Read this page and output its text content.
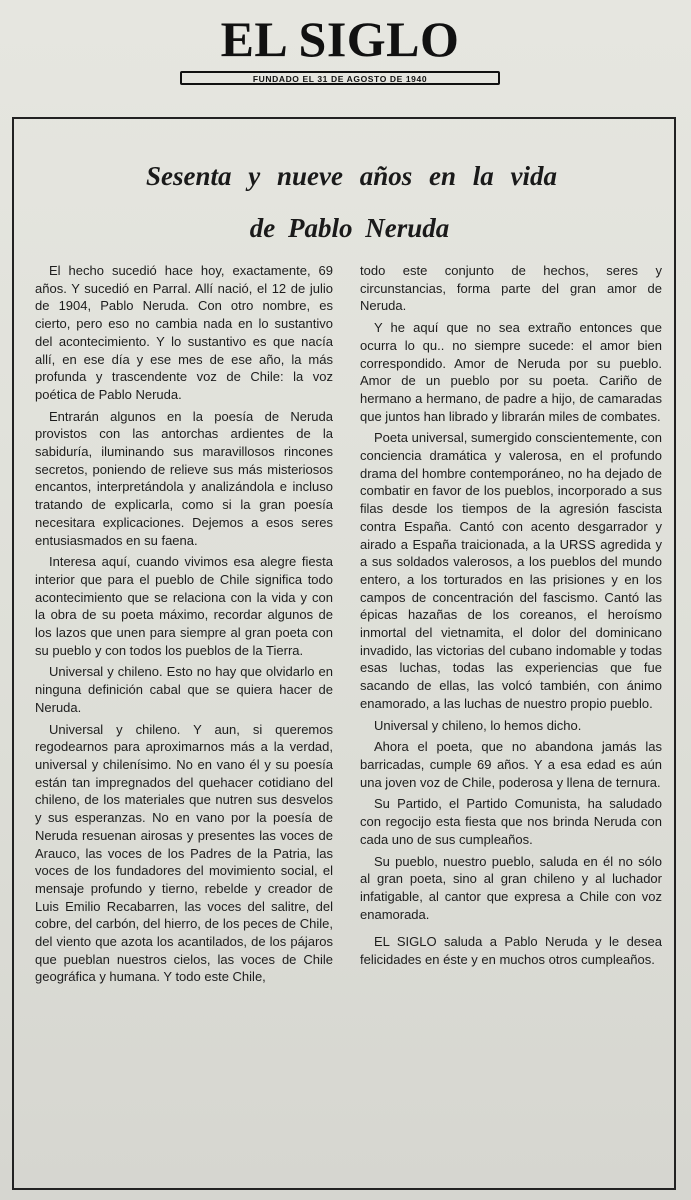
EL SIGLO
FUNDADO EL 31 DE AGOSTO DE 1940
Sesenta y nueve años en la vida
de Pablo Neruda

El hecho sucedió hace hoy, exactamente, 69 años. Y sucedió en Parral. Allí nació, el 12 de julio de 1904, Pablo Neruda. Con otro nombre, es cierto, pero eso no cambia nada en lo sustantivo del acontecimiento. Y lo sustantivo es que nacía allí, en ese día y ese mes de ese año, la más profunda y trascendente voz de Chile: la voz poética de Pablo Neruda.

Entrarán algunos en la poesía de Neruda provistos con las antorchas ardientes de la sabiduría, iluminando sus maravillosos rincones secretos, poniendo de relieve sus más misteriosos encantos, interpretándola y analizándola e incluso tratando de explicarla, como si la gran poesía necesitara explicaciones. Dejemos a esos seres entusiasmados en su faena.

Interesa aquí, cuando vivimos esa alegre fiesta interior que para el pueblo de Chile significa todo acontecimiento que se relaciona con la vida y con la obra de su poeta máximo, recordar algunos de los lazos que unen para siempre al gran poeta con su pueblo y con todos los pueblos de la Tierra.

Universal y chileno. Esto no hay que olvidarlo en ninguna definición cabal que se quiera hacer de Neruda.

Universal y chileno. Y aun, si queremos regodearnos para aproximarnos más a la verdad, universal y chilenísimo. No en vano él y su poesía están tan impregnados del quehacer cotidiano del chileno, de los materiales que nutren sus desvelos y sus esperanzas. No en vano por la poesía de Neruda resuenan airosas y presentes las voces de Arauco, las voces de los Padres de la Patria, las voces de los fundadores del movimiento social, el mensaje profundo y tierno, rebelde y creador de Luis Emilio Recabarren, las voces del salitre, del cobre, del carbón, del hierro, de los peces de Chile, del viento que azota los acantilados, de los pájaros que pueblan nuestros cielos, las voces de Chile geográfica y humana. Y todo este Chile,

todo este conjunto de hechos, seres y circunstancias, forma parte del gran amor de Neruda.

Y he aquí que no sea extraño entonces que ocurra lo qu.. no siempre sucede: el amor bien correspondido. Amor de Neruda por su pueblo. Amor de un pueblo por su poeta. Cariño de hermano a hermano, de padre a hijo, de camaradas que juntos han librado y librarán miles de combates.

Poeta universal, sumergido conscientemente, con conciencia dramática y valerosa, en el profundo drama del hombre contemporáneo, no ha dejado de combatir en favor de los pueblos, incorporado a sus filas desde los tiempos de la agresión fascista contra España. Cantó con acento desgarrador y airado a España traicionada, a la URSS agredida y a sus soldados valerosos, a los pueblos del mundo entero, a los torturados en las prisiones y en los campos de concentración del fascismo. Cantó las épicas hazañas de los coreanos, el heroísmo inmortal del vietnamita, el dolor del dominicano invadido, las victorias del cubano indomable y todas esas luchas, todas las experiencias que fue sacando de ellas, las volcó también, con ánimo enamorado, a las luchas de nuestro propio pueblo.

Universal y chileno, lo hemos dicho.

Ahora el poeta, que no abandona jamás las barricadas, cumple 69 años. Y a esa edad es aún una joven voz de Chile, poderosa y llena de ternura.

Su Partido, el Partido Comunista, ha saludado con regocijo esta fiesta que nos brinda Neruda con cada uno de sus cumpleaños.

Su pueblo, nuestro pueblo, saluda en él no sólo al gran poeta, sino al gran chileno y al luchador infatigable, al cantor que expresa a Chile con voz enamorada.

EL SIGLO saluda a Pablo Neruda y le desea felicidades en éste y en muchos otros cumpleaños.
